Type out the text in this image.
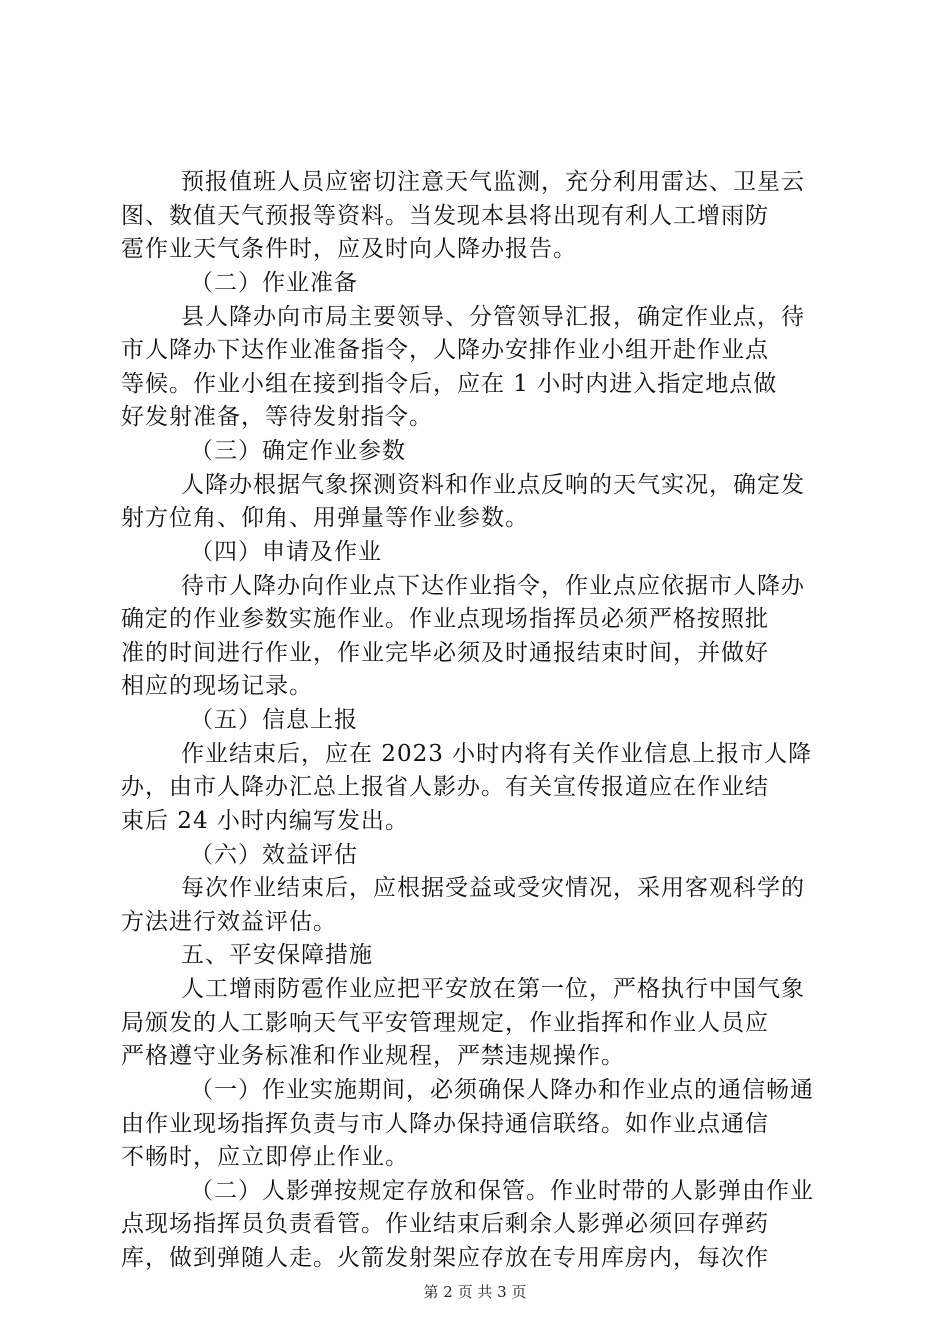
预报值班人员应密切注意天气监测，充分利用雷达、卫星云
图、数值天气预报等资料。当发现本县将出现有利人工增雨防
雹作业天气条件时，应及时向人降办报告。
（二）作业准备
县人降办向市局主要领导、分管领导汇报，确定作业点，待
市人降办下达作业准备指令，人降办安排作业小组开赴作业点
等候。作业小组在接到指令后，应在 1 小时内进入指定地点做
好发射准备，等待发射指令。
（三）确定作业参数
人降办根据气象探测资料和作业点反响的天气实况，确定发
射方位角、仰角、用弹量等作业参数。
（四）申请及作业
待市人降办向作业点下达作业指令，作业点应依据市人降办
确定的作业参数实施作业。作业点现场指挥员必须严格按照批
准的时间进行作业，作业完毕必须及时通报结束时间，并做好
相应的现场记录。
（五）信息上报
作业结束后，应在 2023 小时内将有关作业信息上报市人降
办，由市人降办汇总上报省人影办。有关宣传报道应在作业结
束后 24 小时内编写发出。
（六）效益评估
每次作业结束后，应根据受益或受灾情况，采用客观科学的
方法进行效益评估。
五、平安保障措施
人工增雨防雹作业应把平安放在第一位，严格执行中国气象
局颁发的人工影响天气平安管理规定，作业指挥和作业人员应
严格遵守业务标准和作业规程，严禁违规操作。
（一）作业实施期间，必须确保人降办和作业点的通信畅通
由作业现场指挥负责与市人降办保持通信联络。如作业点通信
不畅时，应立即停止作业。
（二）人影弹按规定存放和保管。作业时带的人影弹由作业
点现场指挥员负责看管。作业结束后剩余人影弹必须回存弹药
库，做到弹随人走。火箭发射架应存放在专用库房内，每次作
第 2 页 共 3 页
